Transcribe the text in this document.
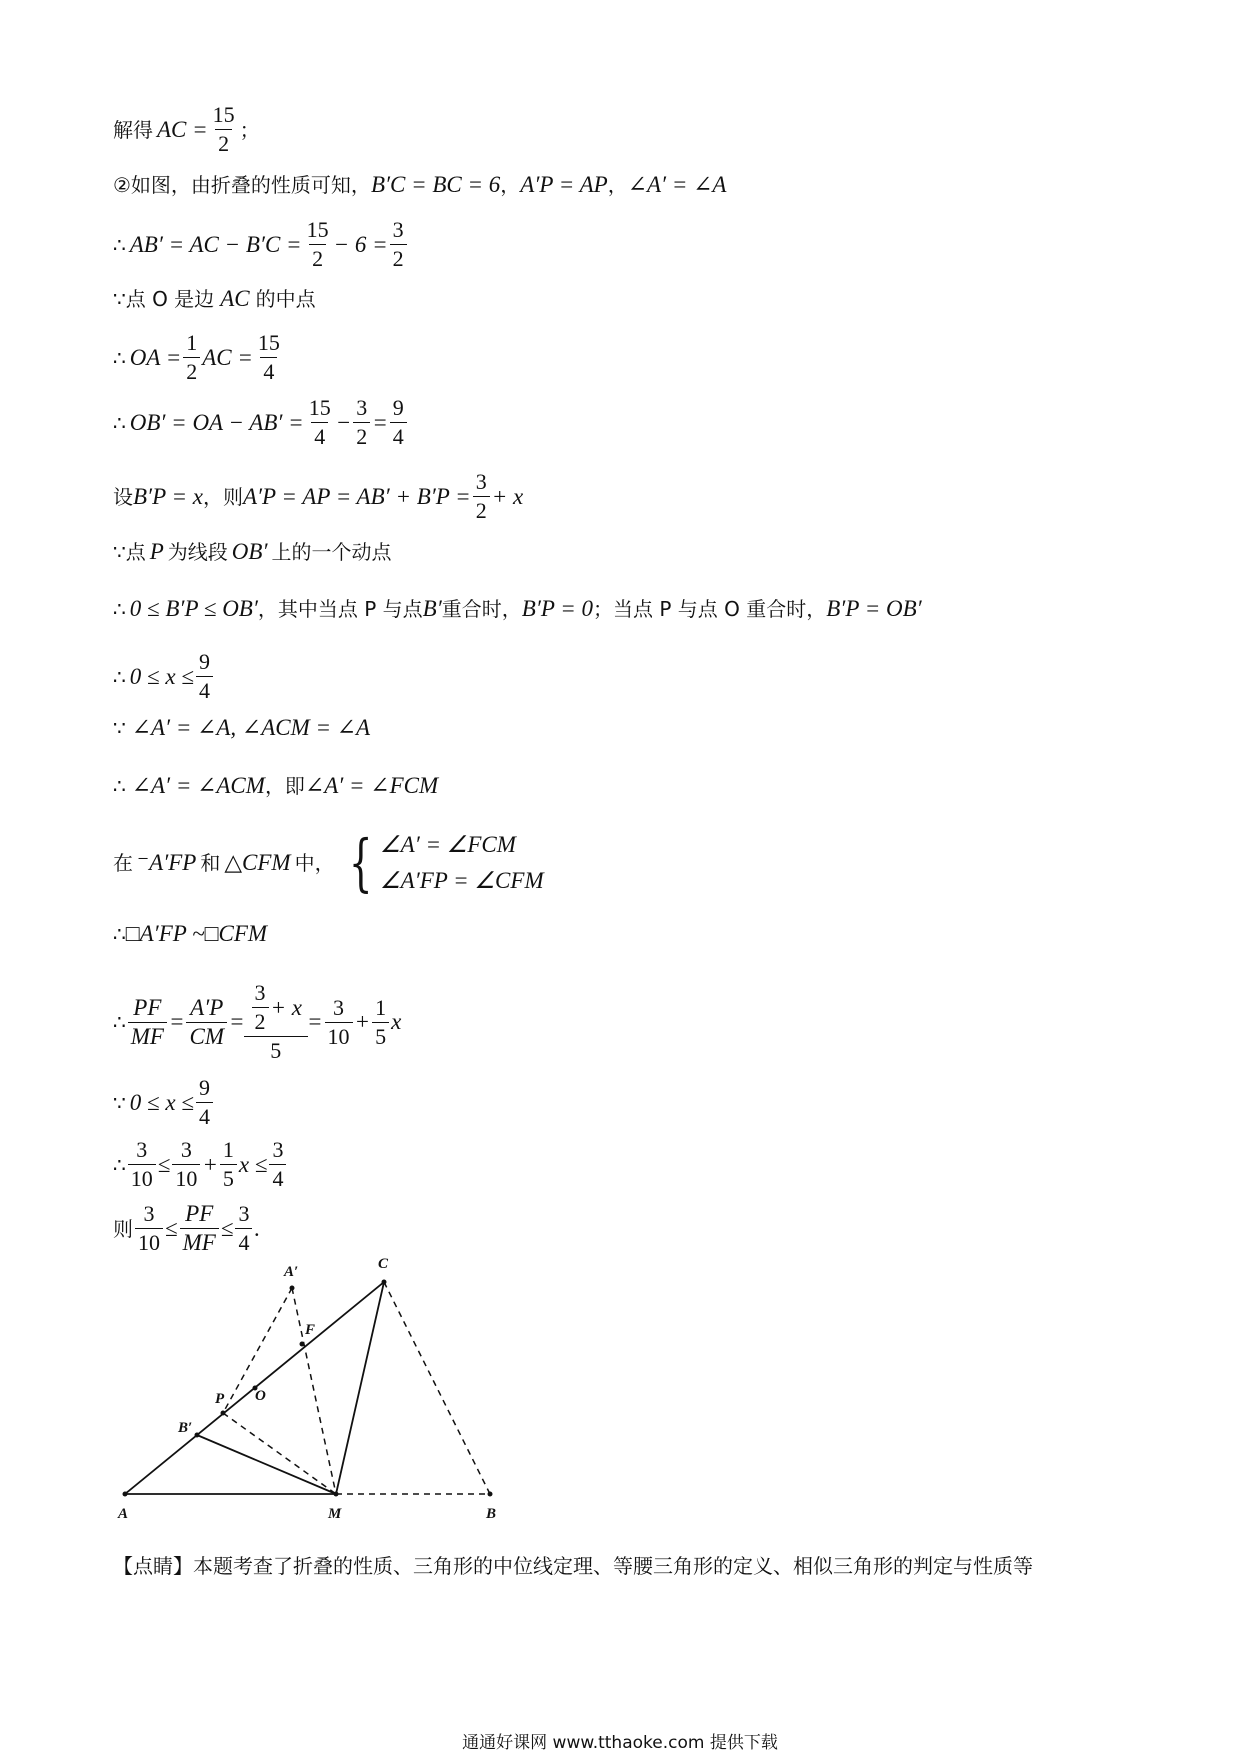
解得 AC = $\frac{15}{2}$ ；
②如图，由折叠的性质可知， B′C = BC = 6 ， A′P = AP ， ∠A′ = ∠A
∴ AB′ = AC − $B'C = \frac{15}{2} - 6 = \frac{3}{2}$
∵点 O 是边 AC 的中点
∴ OA = $\frac{1}{2}$ AC = $\frac{15}{4}$
∴ OB′ = OA − $AB' = \frac{15}{4} - \frac{3}{2} = \frac{9}{4}$
设 B′P = x ，则 A′P = AP = $AB' + B'P = \frac{3}{2} + x$
∵点 P 为线段 OB′ 上的一个动点
∴ 0 ≤ B′P ≤ OB′ ，其中当点 P 与点 B′ 重合时， B′P = 0 ；当点 P 与点 O 重合时， B′P = OB′
∴ $0 \le x \le \frac{9}{4}$
∵ ∠A′ = ∠A, ∠ACM = ∠A
∴ ∠A′ = ∠ACM ，即 ∠A′ = ∠FCM
在 ⁻A′FP 和 △CFM 中， { ∠A′ = ∠FCM
∠A′FP = ∠CFM
∴ □A′FP ~□CFM
∴ $\frac{PF}{MF} = \frac{A'P}{CM} = \frac{\frac{3}{2} + x}{5} = \frac{3}{10} + \frac{1}{5}$ x
∵ $0 \le x \le \frac{9}{4}$
∴ $\frac{3}{10} \le \frac{3}{10} + \frac{1}{5}$ $x \le \frac{3}{4}$
则 $\frac{3}{10} \le \frac{PF}{MF} \le \frac{3}{4}$ .
A	M	B
C
A′
F
P O
B′
【点睛】本题考查了折叠的性质、三角形的中位线定理、等腰三角形的定义、相似三角形的判定与性质等
通通好课网 www.tthaoke.com 提供下载
